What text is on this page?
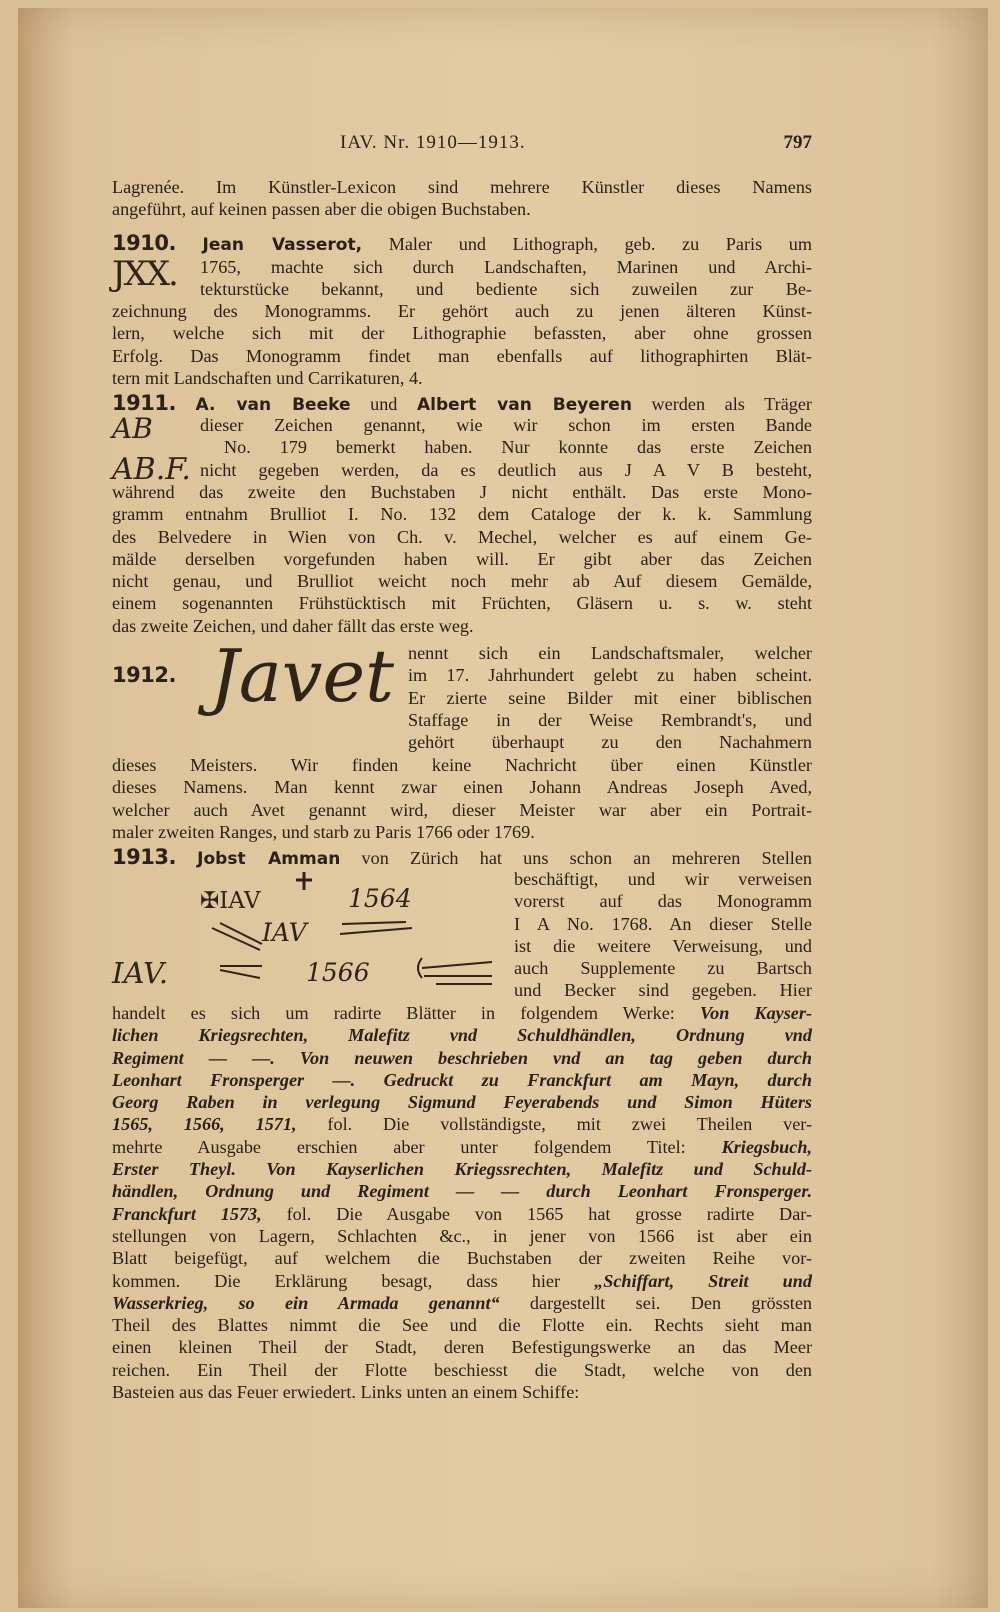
IAV. Nr. 1910—1913.	797
Lagrenée. Im Künstler-Lexicon sind mehrere Künstler dieses Namens
angeführt, auf keinen passen aber die obigen Buchstaben.
1910. Jean Vasserot, Maler und Lithograph, geb. zu Paris um
JXX. 1765, machte sich durch Landschaften, Marinen und Archi-
tekturstücke bekannt, und bediente sich zuweilen zur Be-
zeichnung des Monogramms. Er gehört auch zu jenen älteren Künst-
lern, welche sich mit der Lithographie befassten, aber ohne grossen
Erfolg. Das Monogramm findet man ebenfalls auf lithographirten Blät-
tern mit Landschaften und Carrikaturen, 4.
1911. A. van Beeke und Albert van Beyeren werden als Träger
AB
AB.F.
dieser Zeichen genannt, wie wir schon im ersten Bande
No. 179 bemerkt haben. Nur konnte das erste Zeichen
nicht gegeben werden, da es deutlich aus J A V B besteht,
während das zweite den Buchstaben J nicht enthält. Das erste Mono-
gramm entnahm Brulliot I. No. 132 dem Cataloge der k. k. Sammlung
des Belvedere in Wien von Ch. v. Mechel, welcher es auf einem Ge-
mälde derselben vorgefunden haben will. Er gibt aber das Zeichen
nicht genau, und Brulliot weicht noch mehr ab Auf diesem Gemälde,
einem sogenannten Frühstücktisch mit Früchten, Gläsern u. s. w. steht
das zweite Zeichen, und daher fällt das erste weg.
1912. Javet nennt sich ein Landschaftsmaler, welcher
im 17. Jahrhundert gelebt zu haben scheint.
Er zierte seine Bilder mit einer biblischen
Staffage in der Weise Rembrandt's, und
gehört überhaupt zu den Nachahmern
dieses Meisters. Wir finden keine Nachricht über einen Künstler
dieses Namens. Man kennt zwar einen Johann Andreas Joseph Aved,
welcher auch Avet genannt wird, dieser Meister war aber ein Portrait-
maler zweiten Ranges, und starb zu Paris 1766 oder 1769.
1913. Jobst Amman von Zürich hat uns schon an mehreren Stellen
✠IAV	1564
IAV
IAV.	1566
beschäftigt, und wir verweisen
vorerst auf das Monogramm
I A No. 1768. An dieser Stelle
ist die weitere Verweisung, und
auch Supplemente zu Bartsch
und Becker sind gegeben. Hier
handelt es sich um radirte Blätter in folgendem Werke: Von Kayser-
lichen Kriegsrechten, Malefitz vnd Schuldhändlen, Ordnung vnd
Regiment — —. Von neuwen beschrieben vnd an tag geben durch
Leonhart Fronsperger —. Gedruckt zu Franckfurt am Mayn, durch
Georg Raben in verlegung Sigmund Feyerabends und Simon Hüters
1565, 1566, 1571, fol. Die vollständigste, mit zwei Theilen ver-
mehrte Ausgabe erschien aber unter folgendem Titel: Kriegsbuch,
Erster Theyl. Von Kayserlichen Kriegssrechten, Malefitz und Schuld-
händlen, Ordnung und Regiment — — durch Leonhart Fronsperger.
Franckfurt 1573, fol. Die Ausgabe von 1565 hat grosse radirte Dar-
stellungen von Lagern, Schlachten &c., in jener von 1566 ist aber ein
Blatt beigefügt, auf welchem die Buchstaben der zweiten Reihe vor-
kommen. Die Erklärung besagt, dass hier „Schiffart, Streit und
Wasserkrieg, so ein Armada genannt“ dargestellt sei. Den grössten
Theil des Blattes nimmt die See und die Flotte ein. Rechts sieht man
einen kleinen Theil der Stadt, deren Befestigungswerke an das Meer
reichen. Ein Theil der Flotte beschiesst die Stadt, welche von den
Basteien aus das Feuer erwiedert. Links unten an einem Schiffe:
